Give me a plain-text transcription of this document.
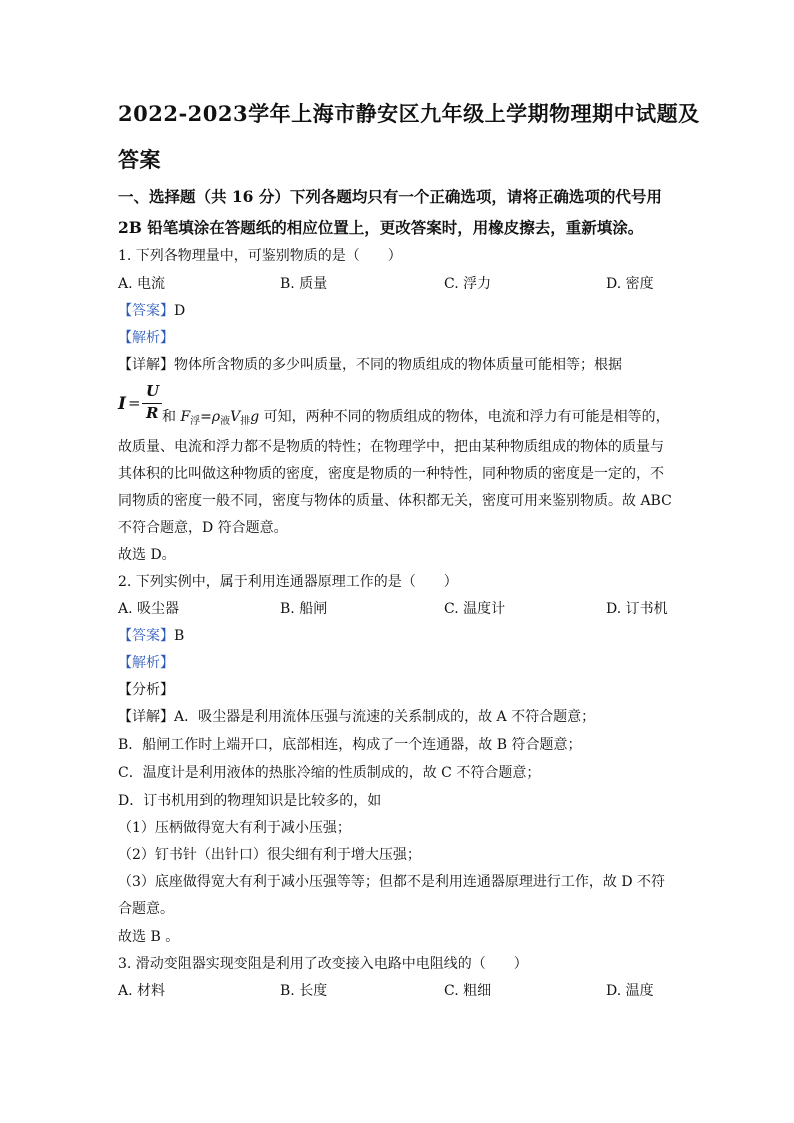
2022-2023学年上海市静安区九年级上学期物理期中试题及
答案
一、选择题（共 16 分）下列各题均只有一个正确选项，请将正确选项的代号用
2B 铅笔填涂在答题纸的相应位置上，更改答案时，用橡皮擦去，重新填涂。
1. 下列各物理量中，可鉴别物质的是（　　）
A. 电流	B. 质量	C. 浮力	D. 密度
【答案】D
【解析】
【详解】物体所含物质的多少叫质量，不同的物质组成的物体质量可能相等；根据
I =
U
R 和 $F_浮=\rho_液V_排g$ 可知，两种不同的物质组成的物体，电流和浮力有可能是相等的，
故质量、电流和浮力都不是物质的特性；在物理学中，把由某种物质组成的物体的质量与
其体积的比叫做这种物质的密度，密度是物质的一种特性，同种物质的密度是一定的，不
同物质的密度一般不同，密度与物体的质量、体积都无关，密度可用来鉴别物质。故 ABC
不符合题意，D 符合题意。
故选 D。
2. 下列实例中，属于利用连通器原理工作的是（　　）
A. 吸尘器	B. 船闸	C. 温度计	D. 订书机
【答案】B
【解析】
【分析】
【详解】A．吸尘器是利用流体压强与流速的关系制成的，故 A 不符合题意；
B．船闸工作时上端开口，底部相连，构成了一个连通器，故 B 符合题意；
C．温度计是利用液体的热胀冷缩的性质制成的，故 C 不符合题意；
D．订书机用到的物理知识是比较多的，如
（1）压柄做得宽大有利于减小压强；
（2）钉书针（出针口）很尖细有利于增大压强；
（3）底座做得宽大有利于减小压强等等；但都不是利用连通器原理进行工作，故 D 不符
合题意。
故选 B 。
3. 滑动变阻器实现变阻是利用了改变接入电路中电阻线的（　　）
A. 材料	B. 长度	C. 粗细	D. 温度
